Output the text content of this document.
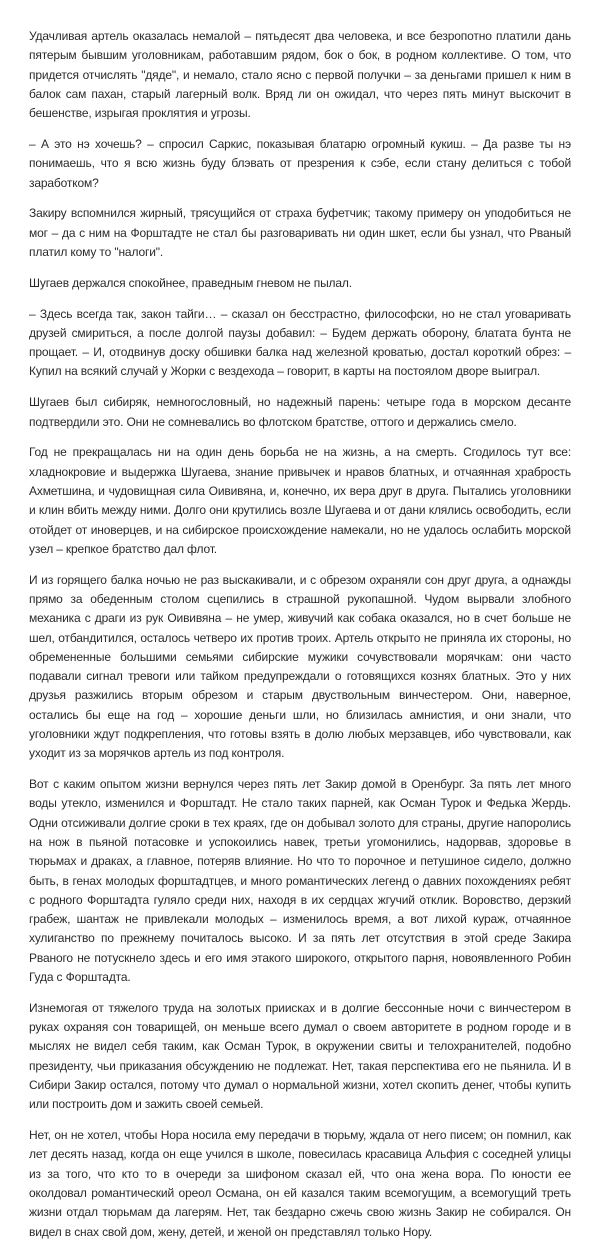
Удачливая артель оказалась немалой – пятьдесят два человека, и все безропотно платили дань пятерым бывшим уголовникам, работавшим рядом, бок о бок, в родном коллективе. О том, что придется отчислять "дяде", и немало, стало ясно с первой получки – за деньгами пришел к ним в балок сам пахан, старый лагерный волк. Вряд ли он ожидал, что через пять минут выскочит в бешенстве, изрыгая проклятия и угрозы.

– А это нэ хочешь? – спросил Саркис, показывая блатарю огромный кукиш. – Да разве ты нэ понимаешь, что я всю жизнь буду блэвать от презрения к сэбе, если стану делиться с тобой заработком?

Закиру вспомнился жирный, трясущийся от страха буфетчик; такому примеру он уподобиться не мог – да с ним на Форштадте не стал бы разговаривать ни один шкет, если бы узнал, что Рваный платил кому то "налоги".

Шугаев держался спокойнее, праведным гневом не пылал.

– Здесь всегда так, закон тайги… – сказал он бесстрастно, философски, но не стал уговаривать друзей смириться, а после долгой паузы добавил: – Будем держать оборону, блатата бунта не прощает. – И, отодвинув доску обшивки балка над железной кроватью, достал короткий обрез: – Купил на всякий случай у Жорки с вездехода – говорит, в карты на постоялом дворе выиграл.

Шугаев был сибиряк, немногословный, но надежный парень: четыре года в морском десанте подтвердили это. Они не сомневались во флотском братстве, оттого и держались смело.

Год не прекращалась ни на один день борьба не на жизнь, а на смерть. Сгодилось тут все: хладнокровие и выдержка Шугаева, знание привычек и нравов блатных, и отчаянная храбрость Ахметшина, и чудовищная сила Оививяна, и, конечно, их вера друг в друга. Пытались уголовники и клин вбить между ними. Долго они крутились возле Шугаева и от дани клялись освободить, если отойдет от иноверцев, и на сибирское происхождение намекали, но не удалось ослабить морской узел – крепкое братство дал флот.

И из горящего балка ночью не раз выскакивали, и с обрезом охраняли сон друг друга, а однажды прямо за обеденным столом сцепились в страшной рукопашной. Чудом вырвали злобного механика с драги из рук Оививяна – не умер, живучий как собака оказался, но в счет больше не шел, отбандитился, осталось четверо их против троих. Артель открыто не приняла их стороны, но обремененные большими семьями сибирские мужики сочувствовали морячкам: они часто подавали сигнал тревоги или тайком предупреждали о готовящихся кознях блатных. Это у них друзья разжились вторым обрезом и старым двуствольным винчестером. Они, наверное, остались бы еще на год – хорошие деньги шли, но близилась амнистия, и они знали, что уголовники ждут подкрепления, что готовы взять в долю любых мерзавцев, ибо чувствовали, как уходит из за морячков артель из под контроля.

Вот с каким опытом жизни вернулся через пять лет Закир домой в Оренбург. За пять лет много воды утекло, изменился и Форштадт. Не стало таких парней, как Осман Турок и Федька Жердь. Одни отсиживали долгие сроки в тех краях, где он добывал золото для страны, другие напоролись на нож в пьяной потасовке и успокоились навек, третьи угомонились, надорвав, здоровье в тюрьмах и драках, а главное, потеряв влияние. Но что то порочное и петушиное сидело, должно быть, в генах молодых форштадтцев, и много романтических легенд о давних похождениях ребят с родного Форштадта гуляло среди них, находя в их сердцах жгучий отклик. Воровство, дерзкий грабеж, шантаж не привлекали молодых – изменилось время, а вот лихой кураж, отчаянное хулиганство по прежнему почиталось высоко. И за пять лет отсутствия в этой среде Закира Рваного не потускнело здесь и его имя этакого широкого, открытого парня, новоявленного Робин Гуда с Форштадта.

Изнемогая от тяжелого труда на золотых приисках и в долгие бессонные ночи с винчестером в руках охраняя сон товарищей, он меньше всего думал о своем авторитете в родном городе и в мыслях не видел себя таким, как Осман Турок, в окружении свиты и телохранителей, подобно президенту, чьи приказания обсуждению не подлежат. Нет, такая перспектива его не пьянила. И в Сибири Закир остался, потому что думал о нормальной жизни, хотел скопить денег, чтобы купить или построить дом и зажить своей семьей.

Нет, он не хотел, чтобы Нора носила ему передачи в тюрьму, ждала от него писем; он помнил, как лет десять назад, когда он еще учился в школе, повесилась красавица Альфия с соседней улицы из за того, что кто то в очереди за шифоном сказал ей, что она жена вора. По юности ее околдовал романтический ореол Османа, он ей казался таким всемогущим, а всемогущий треть жизни отдал тюрьмам да лагерям. Нет, так бездарно сжечь свою жизнь Закир не собирался. Он видел в снах свой дом, жену, детей, и женой он представлял только Нору.
